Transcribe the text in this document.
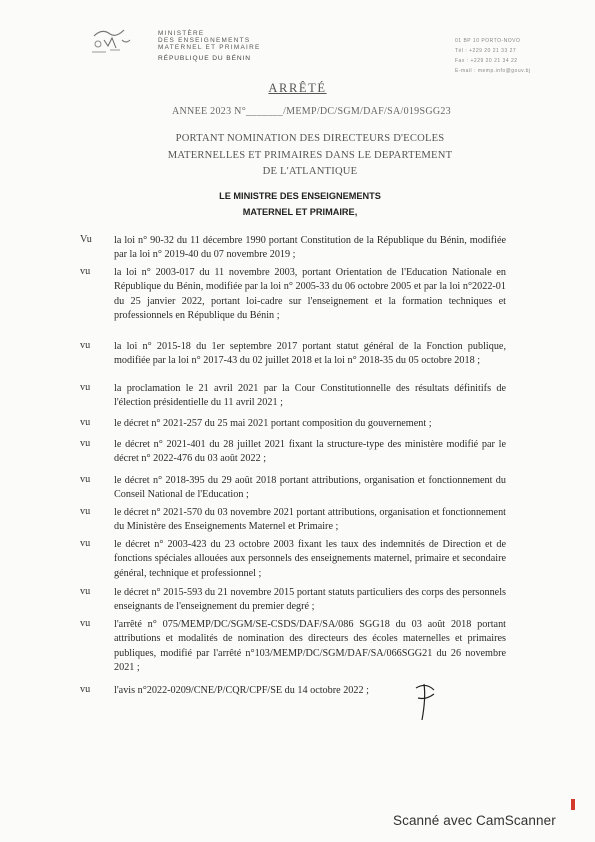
MINISTÈRE
DES ENSEIGNEMENTS
MATERNEL ET PRIMAIRE
RÉPUBLIQUE DU BÉNIN
01 BP 10 PORTO-NOVO
Tél : +229 20 21 33 27
Fax : +229 20 21 34 22
E-mail : memp.info@gouv.bj
ARRÊTÉ
ANNEE 2023 N°_______/MEMP/DC/SGM/DAF/SA/019SGG23
PORTANT NOMINATION DES DIRECTEURS D'ECOLES
MATERNELLES ET PRIMAIRES DANS LE DEPARTEMENT
DE L'ATLANTIQUE
LE MINISTRE DES ENSEIGNEMENTS
MATERNEL ET PRIMAIRE,
Vu la loi n° 90-32 du 11 décembre 1990 portant Constitution de la République du Bénin, modifiée par la loi n° 2019-40 du 07 novembre 2019 ;
vu la loi n° 2003-017 du 11 novembre 2003, portant Orientation de l'Education Nationale en République du Bénin, modifiée par la loi n° 2005-33 du 06 octobre 2005 et par la loi n°2022-01 du 25 janvier 2022, portant loi-cadre sur l'enseignement et la formation techniques et professionnels en République du Bénin ;
vu la loi n° 2015-18 du 1er septembre 2017 portant statut général de la Fonction publique, modifiée par la loi n° 2017-43 du 02 juillet 2018 et la loi n° 2018-35 du 05 octobre 2018 ;
vu la proclamation le 21 avril 2021 par la Cour Constitutionnelle des résultats définitifs de l'élection présidentielle du 11 avril 2021 ;
vu le décret n° 2021-257 du 25 mai 2021 portant composition du gouvernement ;
vu le décret n° 2021-401 du 28 juillet 2021 fixant la structure-type des ministère modifié par le décret n° 2022-476 du 03 août 2022 ;
vu le décret n° 2018-395 du 29 août 2018 portant attributions, organisation et fonctionnement du Conseil National de l'Education ;
vu le décret n° 2021-570 du 03 novembre 2021 portant attributions, organisation et fonctionnement du Ministère des Enseignements Maternel et Primaire ;
vu le décret n° 2003-423 du 23 octobre 2003 fixant les taux des indemnités de Direction et de fonctions spéciales allouées aux personnels des enseignements maternel, primaire et secondaire général, technique et professionnel ;
vu le décret n° 2015-593 du 21 novembre 2015 portant statuts particuliers des corps des personnels enseignants de l'enseignement du premier degré ;
vu l'arrêté n° 075/MEMP/DC/SGM/SE-CSDS/DAF/SA/086 SGG18 du 03 août 2018 portant attributions et modalités de nomination des directeurs des écoles maternelles et primaires publiques, modifié par l'arrêté n°103/MEMP/DC/SGM/DAF/SA/066SGG21 du 26 novembre 2021 ;
vu l'avis n°2022-0209/CNE/P/CQR/CPF/SE du 14 octobre 2022 ;
Scanné avec CamScanner
